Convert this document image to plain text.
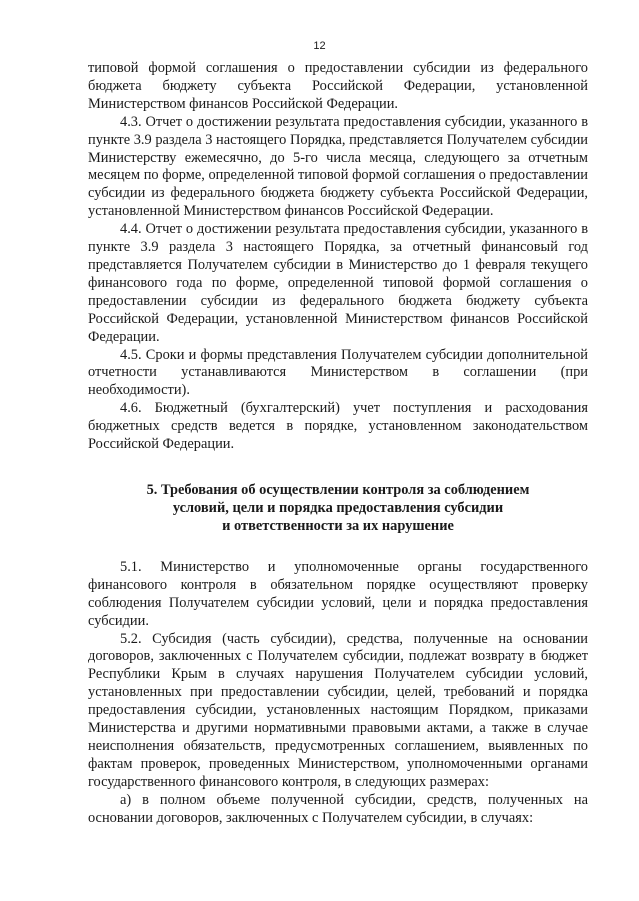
12

типовой формой соглашения о предоставлении субсидии из федерального бюджета бюджету субъекта Российской Федерации, установленной Министерством финансов Российской Федерации.

4.3. Отчет о достижении результата предоставления субсидии, указанного в пункте 3.9 раздела 3 настоящего Порядка, представляется Получателем субсидии Министерству ежемесячно, до 5-го числа месяца, следующего за отчетным месяцем по форме, определенной типовой формой соглашения о предоставлении субсидии из федерального бюджета бюджету субъекта Российской Федерации, установленной Министерством финансов Российской Федерации.

4.4. Отчет о достижении результата предоставления субсидии, указанного в пункте 3.9 раздела 3 настоящего Порядка, за отчетный финансовый год представляется Получателем субсидии в Министерство до 1 февраля текущего финансового года по форме, определенной типовой формой соглашения о предоставлении субсидии из федерального бюджета бюджету субъекта Российской Федерации, установленной Министерством финансов Российской Федерации.

4.5. Сроки и формы представления Получателем субсидии дополнительной отчетности устанавливаются Министерством в соглашении (при необходимости).

4.6. Бюджетный (бухгалтерский) учет поступления и расходования бюджетных средств ведется в порядке, установленном законодательством Российской Федерации.

5. Требования об осуществлении контроля за соблюдением
условий, цели и порядка предоставления субсидии
и ответственности за их нарушение

5.1. Министерство и уполномоченные органы государственного финансового контроля в обязательном порядке осуществляют проверку соблюдения Получателем субсидии условий, цели и порядка предоставления субсидии.

5.2. Субсидия (часть субсидии), средства, полученные на основании договоров, заключенных с Получателем субсидии, подлежат возврату в бюджет Республики Крым в случаях нарушения Получателем субсидии условий, установленных при предоставлении субсидии, целей, требований и порядка предоставления субсидии, установленных настоящим Порядком, приказами Министерства и другими нормативными правовыми актами, а также в случае неисполнения обязательств, предусмотренных соглашением, выявленных по фактам проверок, проведенных Министерством, уполномоченными органами государственного финансового контроля, в следующих размерах:

а) в полном объеме полученной субсидии, средств, полученных на основании договоров, заключенных с Получателем субсидии, в случаях:
